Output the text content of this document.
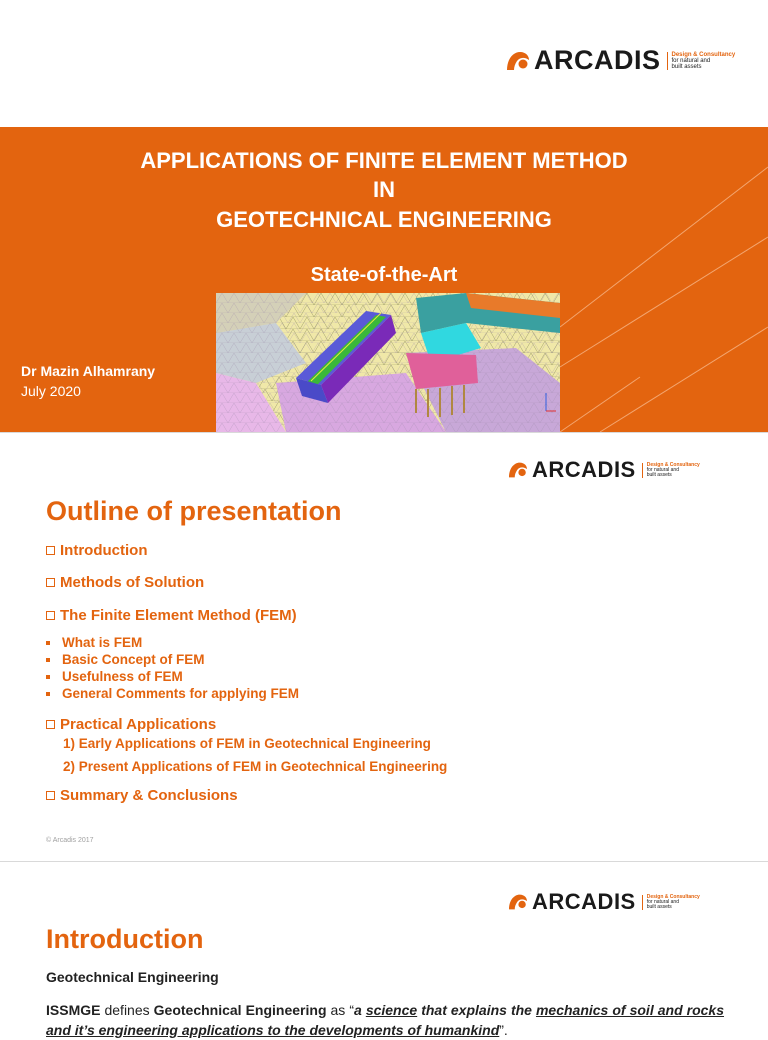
ARCADIS Design & Consultancy
for natural and
built assets
APPLICATIONS OF FINITE ELEMENT METHOD
IN
GEOTECHNICAL ENGINEERING
State-of-the-Art
Dr Mazin Alhamrany
July 2020
ARCADIS Design & Consultancy
for natural and
built assets
Outline of presentation
Introduction
Methods of Solution
The Finite Element Method (FEM)
What is FEM
Basic Concept of FEM
Usefulness of FEM
General Comments for applying FEM
Practical Applications
1) Early Applications of FEM in Geotechnical Engineering
2) Present Applications of FEM in Geotechnical Engineering
Summary & Conclusions
© Arcadis 2017
ARCADIS Design & Consultancy
for natural and
built assets
Introduction
Geotechnical Engineering
ISSMGE defines Geotechnical Engineering as “a science that explains the mechanics of soil and rocks and it’s engineering applications to the developments of humankind”.
